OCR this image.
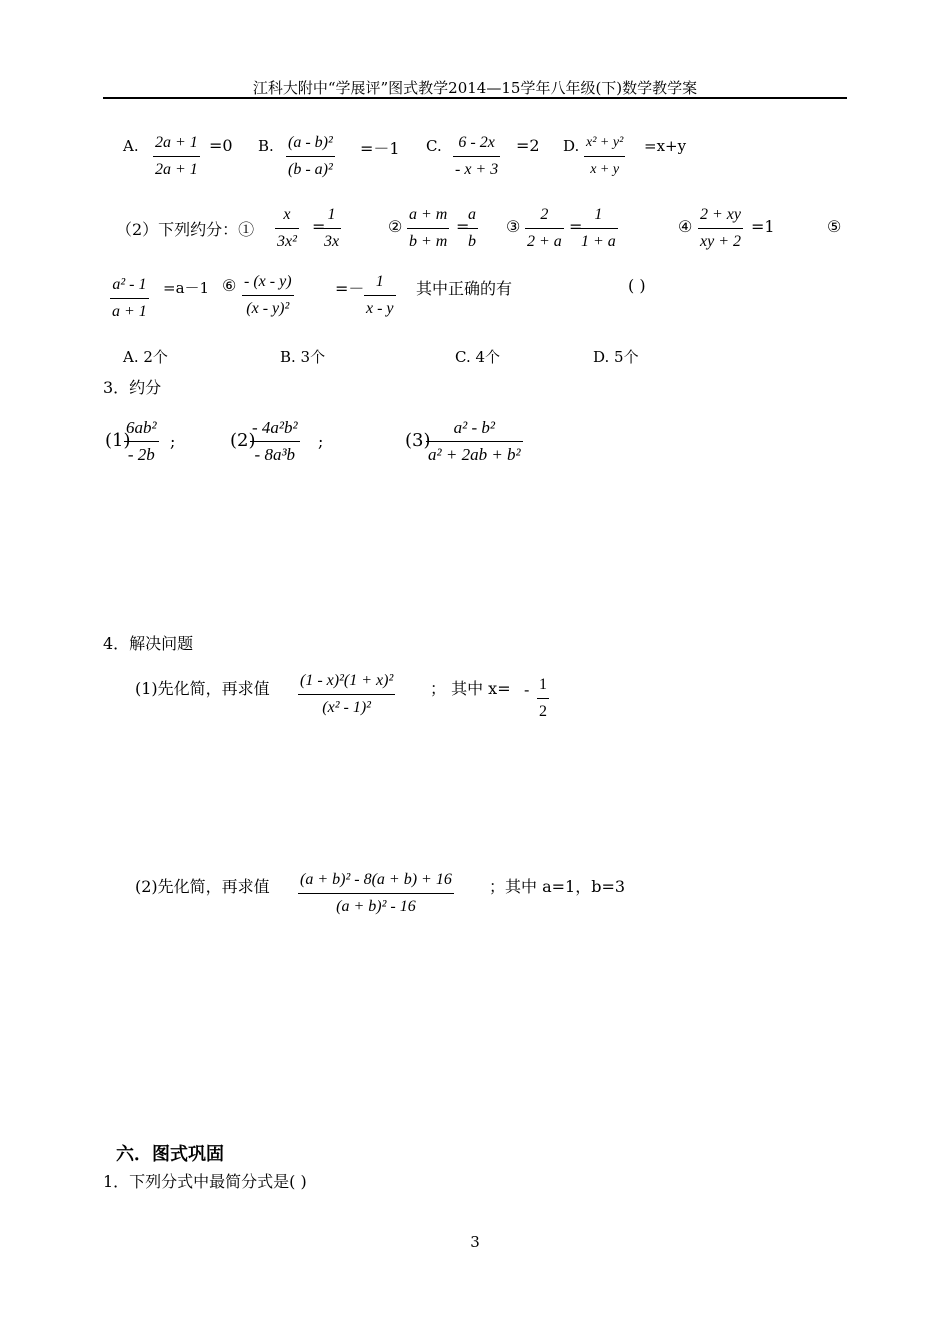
江科大附中“学展评”图式教学2014—15学年八年级(下)数学教学案
A. 2a + 1
2a + 1
=0 B. (a - b)²
(b - a)²
=－1 C. 6 - 2x
- x + 3
=2 D. x² + y²
x + y
=x+y
（2）下列约分：①
x
3x²
=
1
3x
②
a + m
b + m
=
a
b
③
2
2 + a
=
1
1 + a
④
2 + xy
xy + 2
=1	⑤
a² - 1
a + 1
=a－1 ⑥ - (x - y)
(x - y)²
=－ 1
x - y
其中正确的有	( )
A. 2个	B. 3个	C. 4个	D. 5个
3．约分
(1)
6ab²
- 2b
;	(2)
- 4a²b²
- 8a³b
;	(3)
a² - b²
a² + 2ab + b²
4．解决问题
(1)先化简，再求值 (1 - x)²(1 + x)²
(x² - 1)²
； 其中 x= - 1
2
(2)先化简，再求值 (a + b)² - 8(a + b) + 16
(a + b)² - 16
；其中 a=1，b=3
六．图式巩固
1．下列分式中最简分式是( )
3
